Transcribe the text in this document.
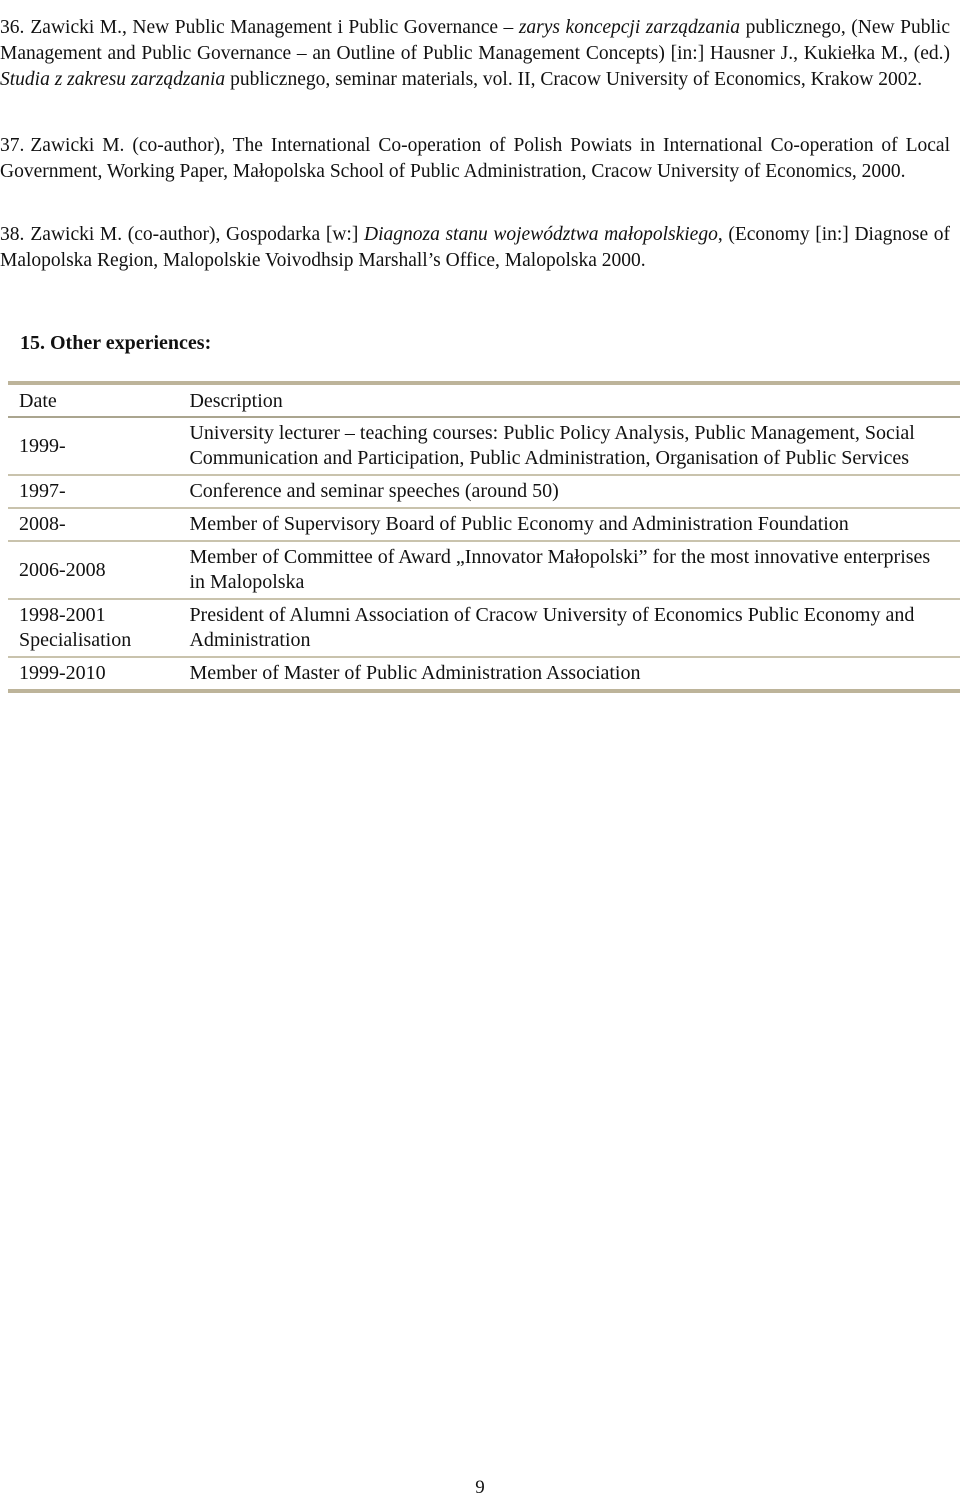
36. Zawicki M., New Public Management i Public Governance – zarys koncepcji zarządzania publicznego, (New Public Management and Public Governance – an Outline of Public Management Concepts) [in:] Hausner J., Kukiełka M., (ed.) Studia z zakresu zarządzania publicznego, seminar materials, vol. II, Cracow University of Economics, Krakow 2002.

37. Zawicki M. (co-author), The International Co-operation of Polish Powiats in International Co-operation of Local Government, Working Paper, Małopolska School of Public Administration, Cracow University of Economics, 2000.

38. Zawicki M. (co-author), Gospodarka [w:] Diagnoza stanu województwa małopolskiego, (Economy [in:] Diagnose of Malopolska Region, Malopolskie Voivodhsip Marshall’s Office, Malopolska 2000.

15. Other experiences:
Date	Description
1999-	University lecturer – teaching courses: Public Policy Analysis, Public Management, Social Communication and Participation, Public Administration, Organisation of Public Services
1997-	Conference and seminar speeches (around 50)
2008-	Member of Supervisory Board of Public Economy and Administration Foundation
2006-2008	Member of Committee of Award „Innovator Małopolski” for the most innovative enterprises in Malopolska
1998-2001 Specialisation	President of Alumni Association of Cracow University of Economics Public Economy and Administration
1999-2010	Member of Master of Public Administration Association
9
